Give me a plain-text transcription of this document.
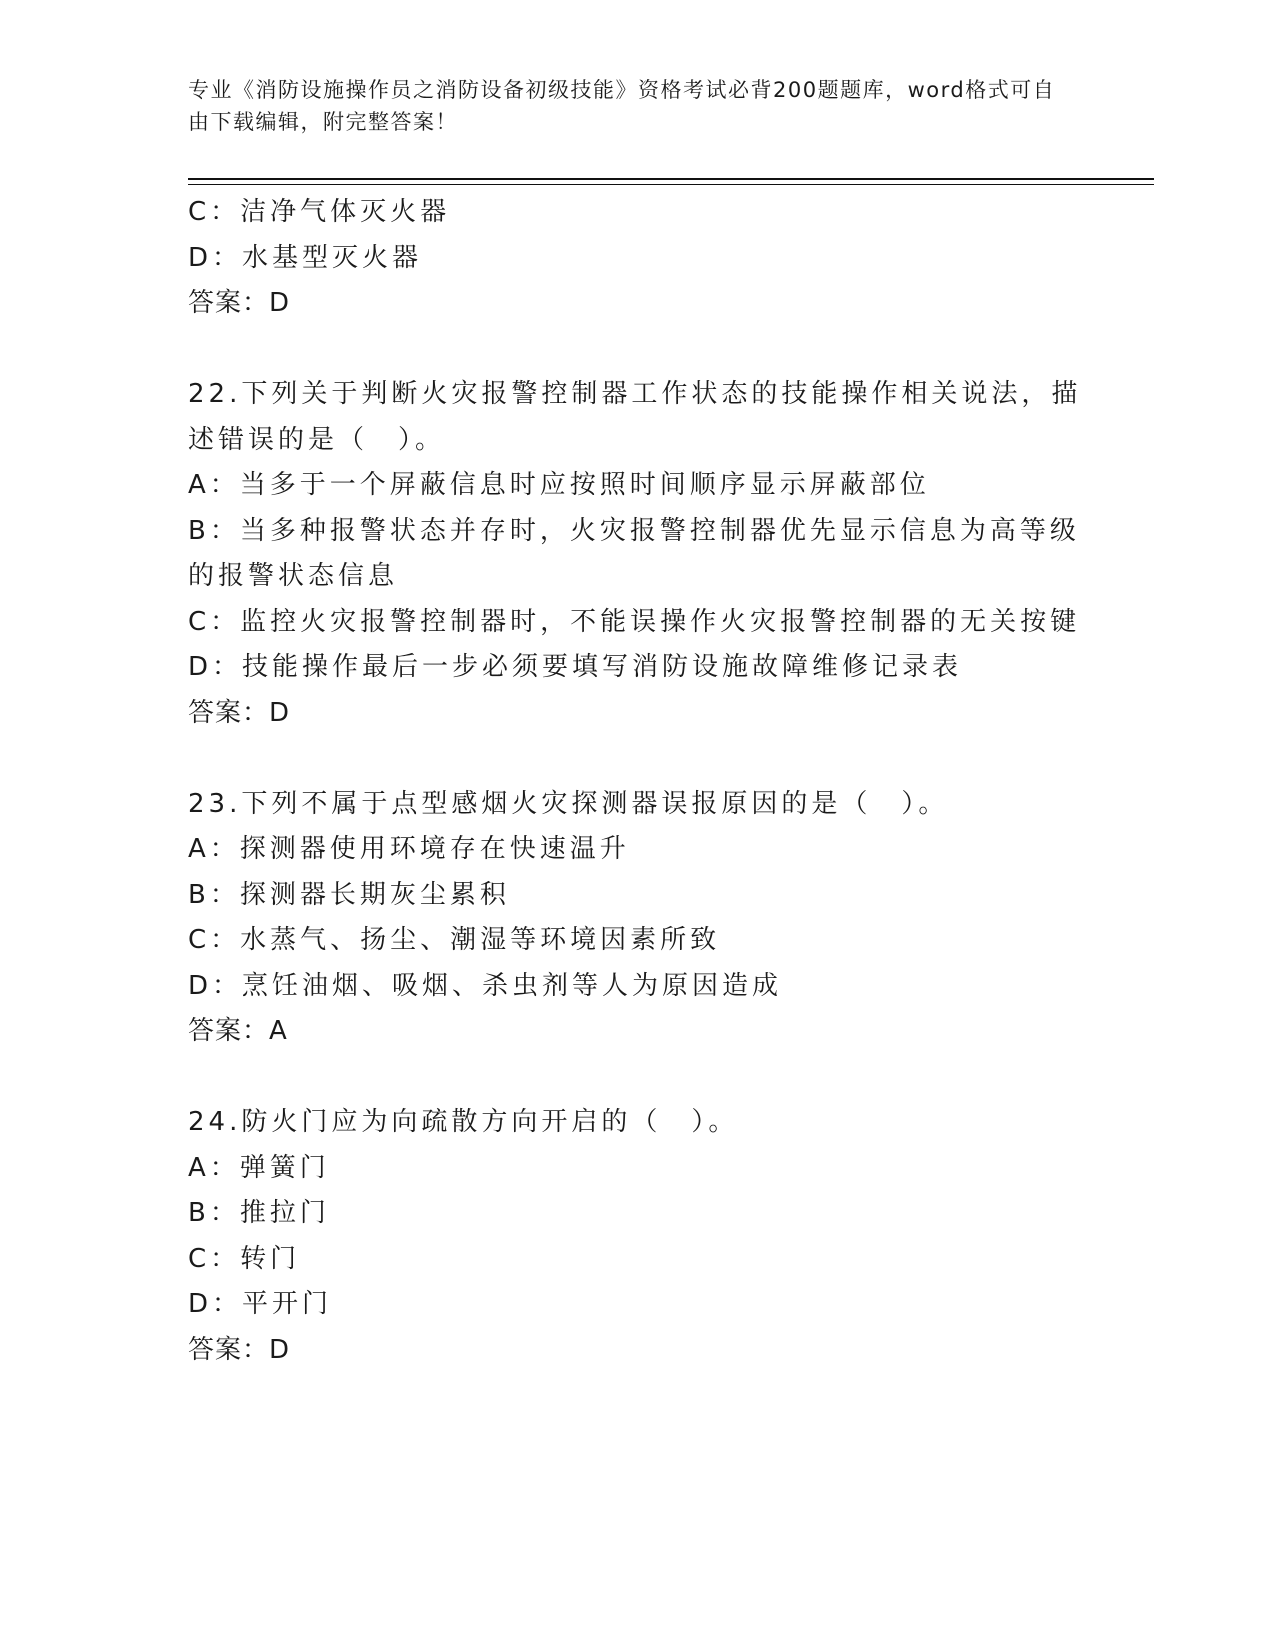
专业《消防设施操作员之消防设备初级技能》资格考试必背200题题库，word格式可自由下载编辑，附完整答案！
C：洁净气体灭火器
D：水基型灭火器
答案：D
22.下列关于判断火灾报警控制器工作状态的技能操作相关说法，描述错误的是（　）。
A：当多于一个屏蔽信息时应按照时间顺序显示屏蔽部位
B：当多种报警状态并存时，火灾报警控制器优先显示信息为高等级的报警状态信息
C：监控火灾报警控制器时，不能误操作火灾报警控制器的无关按键
D：技能操作最后一步必须要填写消防设施故障维修记录表
答案：D
23.下列不属于点型感烟火灾探测器误报原因的是（　）。
A：探测器使用环境存在快速温升
B：探测器长期灰尘累积
C：水蒸气、扬尘、潮湿等环境因素所致
D：烹饪油烟、吸烟、杀虫剂等人为原因造成
答案：A
24.防火门应为向疏散方向开启的（　）。
A：弹簧门
B：推拉门
C：转门
D：平开门
答案：D
